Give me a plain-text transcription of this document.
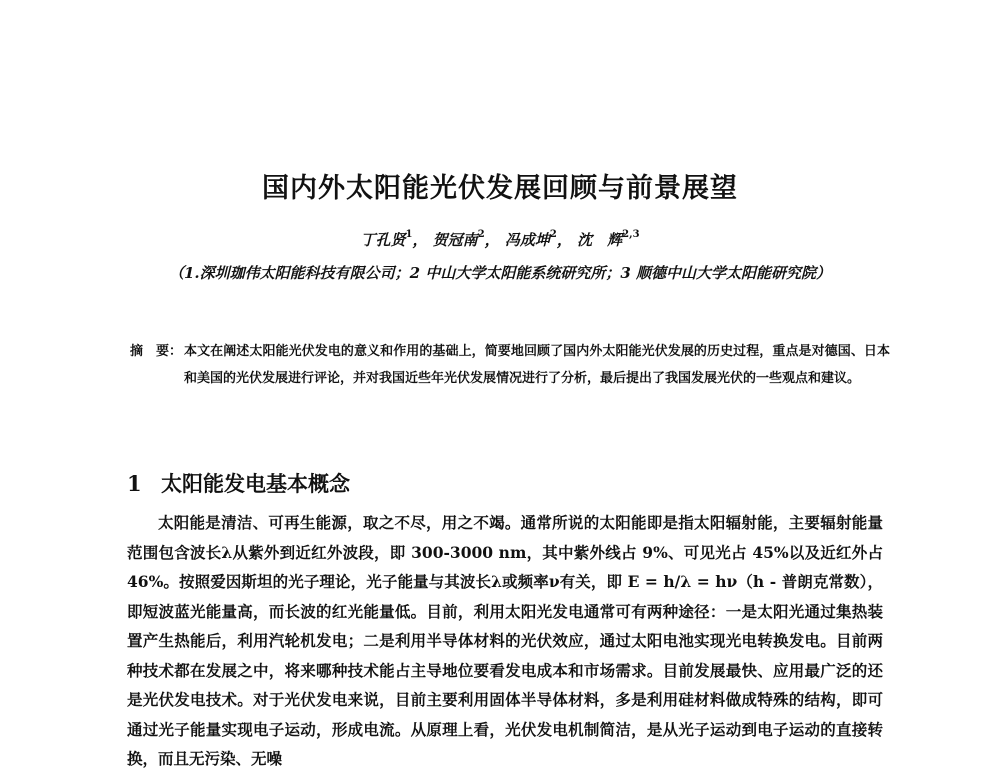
国内外太阳能光伏发展回顾与前景展望
丁孔贤$^1$， 贺冠南$^2$， 冯成坤$^2$， 沈　辉$^{2,3}$
（1.深圳珈伟太阳能科技有限公司；2 中山大学太阳能系统研究所；3 顺德中山大学太阳能研究院）
摘　要： 本文在阐述太阳能光伏发电的意义和作用的基础上，简要地回顾了国内外太阳能光伏发展的历史过程，重点是对德国、日本和美国的光伏发展进行评论，并对我国近些年光伏发展情况进行了分析，最后提出了我国发展光伏的一些观点和建议。
1 太阳能发电基本概念
太阳能是清洁、可再生能源，取之不尽，用之不竭。通常所说的太阳能即是指太阳辐射能，主要辐射能量范围包含波长λ从紫外到近红外波段，即 300-3000 nm，其中紫外线占 9%、可见光占 45%以及近红外占 46%。按照爱因斯坦的光子理论，光子能量与其波长λ或频率ν有关，即 E = h/λ = hν（h - 普朗克常数），即短波蓝光能量高，而长波的红光能量低。目前，利用太阳光发电通常可有两种途径：一是太阳光通过集热装置产生热能后，利用汽轮机发电；二是利用半导体材料的光伏效应，通过太阳电池实现光电转换发电。目前两种技术都在发展之中，将来哪种技术能占主导地位要看发电成本和市场需求。目前发展最快、应用最广泛的还是光伏发电技术。对于光伏发电来说，目前主要利用固体半导体材料，多是利用硅材料做成特殊的结构，即可通过光子能量实现电子运动，形成电流。从原理上看，光伏发电机制简洁，是从光子运动到电子运动的直接转换，而且无污染、无噪
